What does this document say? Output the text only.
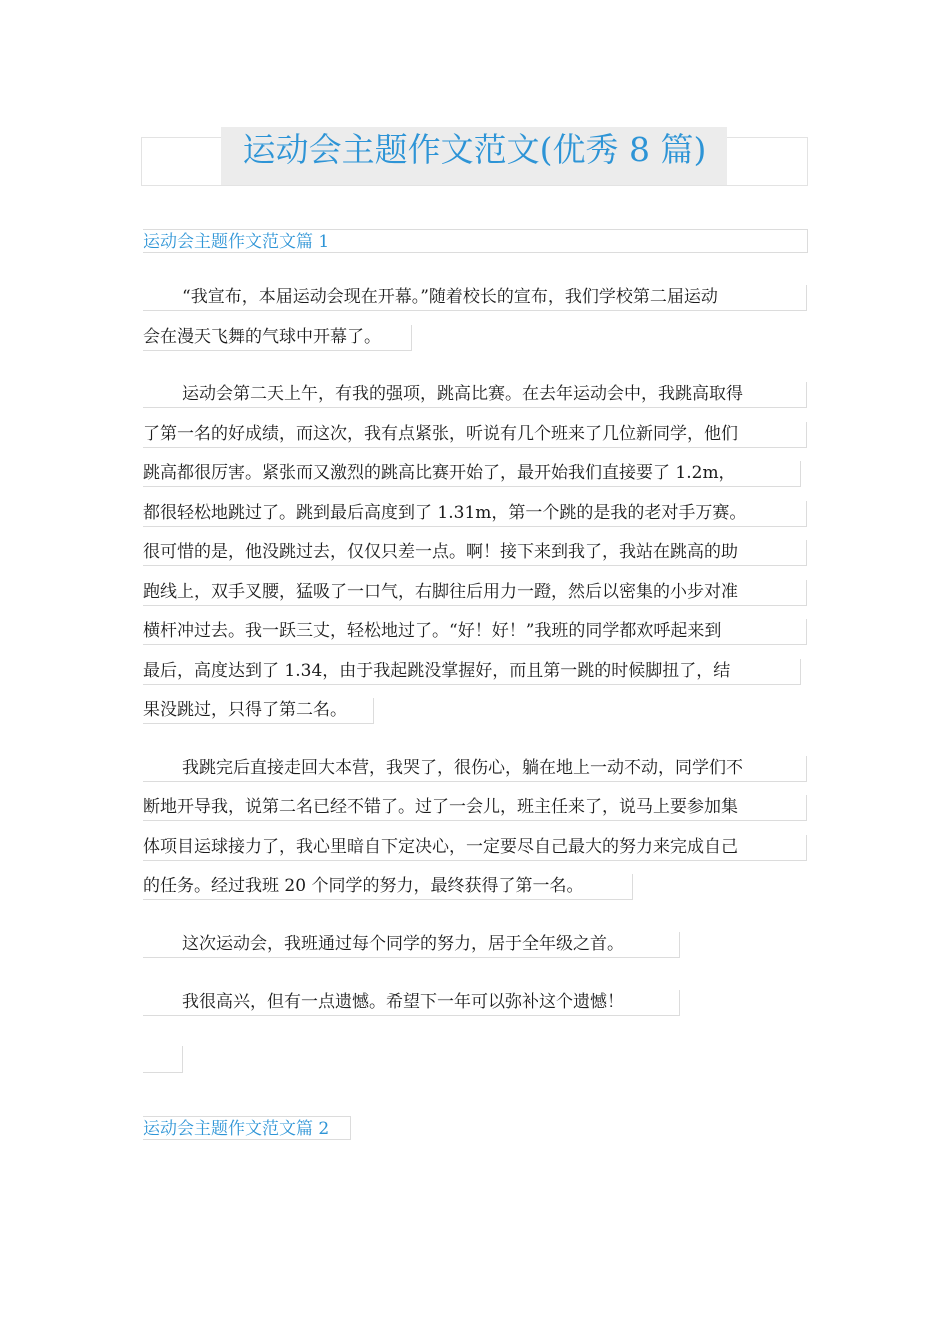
运动会主题作文范文(优秀 8 篇)
运动会主题作文范文篇 1
“我宣布，本届运动会现在开幕。”随着校长的宣布，我们学校第二届运动
会在漫天飞舞的气球中开幕了。
运动会第二天上午，有我的强项，跳高比赛。在去年运动会中，我跳高取得
了第一名的好成绩，而这次，我有点紧张，听说有几个班来了几位新同学，他们
跳高都很厉害。紧张而又激烈的跳高比赛开始了，最开始我们直接要了 1.2m，
都很轻松地跳过了。跳到最后高度到了 1.31m，第一个跳的是我的老对手万赛。
很可惜的是，他没跳过去，仅仅只差一点。啊！接下来到我了，我站在跳高的助
跑线上，双手叉腰，猛吸了一口气，右脚往后用力一蹬，然后以密集的小步对准
横杆冲过去。我一跃三丈，轻松地过了。“好！好！”我班的同学都欢呼起来到
最后，高度达到了 1.34，由于我起跳没掌握好，而且第一跳的时候脚扭了，结
果没跳过，只得了第二名。
我跳完后直接走回大本营，我哭了，很伤心，躺在地上一动不动，同学们不
断地开导我，说第二名已经不错了。过了一会儿，班主任来了，说马上要参加集
体项目运球接力了，我心里暗自下定决心，一定要尽自己最大的努力来完成自己
的任务。经过我班 20 个同学的努力，最终获得了第一名。
这次运动会，我班通过每个同学的努力，居于全年级之首。
我很高兴，但有一点遗憾。希望下一年可以弥补这个遗憾！
运动会主题作文范文篇 2
